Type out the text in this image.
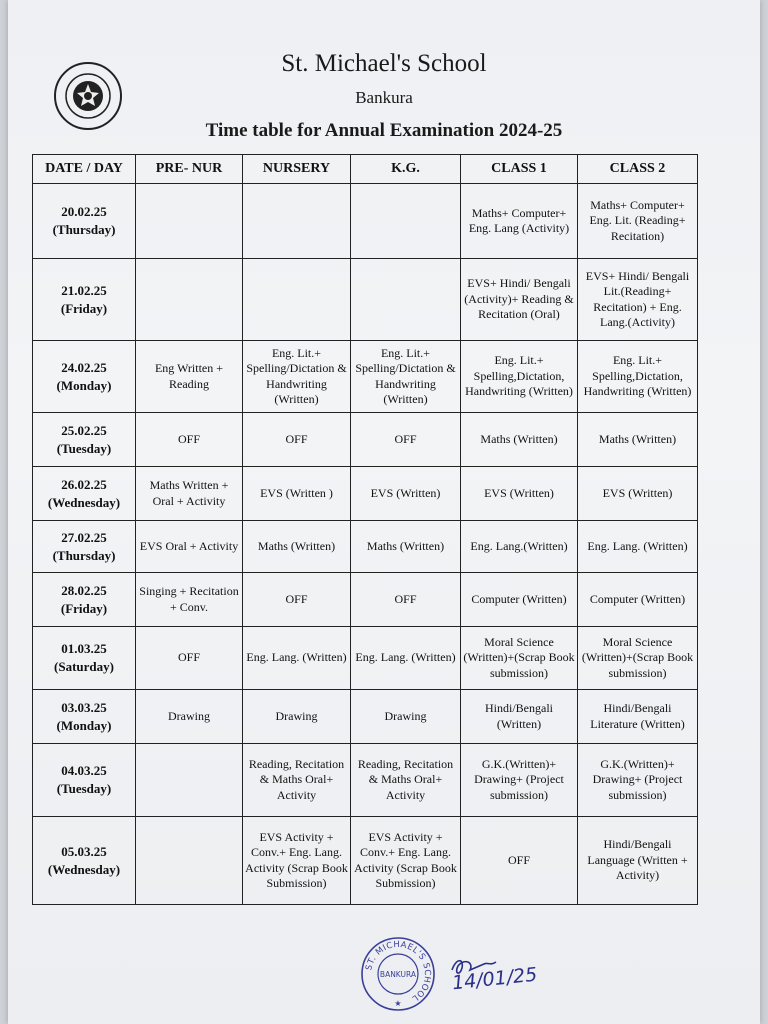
St. Michael's School
Bankura
Time table for Annual Examination 2024-25
DATE / DAY	PRE- NUR	NURSERY	K.G.	CLASS 1	CLASS 2

20.02.25
(Thursday)				Maths+ Computer+ Eng. Lang (Activity)	Maths+ Computer+ Eng. Lit. (Reading+ Recitation)

21.02.25
(Friday)				EVS+ Hindi/ Bengali (Activity)+ Reading & Recitation (Oral)	EVS+ Hindi/ Bengali Lit.(Reading+ Recitation) + Eng. Lang.(Activity)

24.02.25
(Monday)	Eng Written + Reading	Eng. Lit.+ Spelling/Dictation & Handwriting (Written)	Eng. Lit.+ Spelling/Dictation & Handwriting (Written)	Eng. Lit.+ Spelling,Dictation, Handwriting (Written)	Eng. Lit.+ Spelling,Dictation, Handwriting (Written)

25.02.25
(Tuesday)	OFF	OFF	OFF	Maths (Written)	Maths (Written)

26.02.25
(Wednesday)	Maths Written + Oral + Activity	EVS (Written )	EVS (Written)	EVS (Written)	EVS (Written)

27.02.25
(Thursday)	EVS Oral + Activity	Maths (Written)	Maths (Written)	Eng. Lang.(Written)	Eng. Lang. (Written)

28.02.25
(Friday)	Singing + Recitation + Conv.	OFF	OFF	Computer (Written)	Computer (Written)

01.03.25
(Saturday)	OFF	Eng. Lang. (Written)	Eng. Lang. (Written)	Moral Science (Written)+(Scrap Book submission)	Moral Science (Written)+(Scrap Book submission)

03.03.25
(Monday)	Drawing	Drawing	Drawing	Hindi/Bengali (Written)	Hindi/Bengali Literature (Written)

04.03.25
(Tuesday)		Reading, Recitation & Maths Oral+ Activity	Reading, Recitation & Maths Oral+ Activity	G.K.(Written)+ Drawing+ (Project submission)	G.K.(Written)+ Drawing+ (Project submission)

05.03.25
(Wednesday)		EVS Activity + Conv.+ Eng. Lang. Activity (Scrap Book Submission)	EVS Activity + Conv.+ Eng. Lang. Activity (Scrap Book Submission)	OFF	Hindi/Bengali Language (Written + Activity)
ST. MICHAEL'S SCHOOL
BANKURA
★
14/01/25
